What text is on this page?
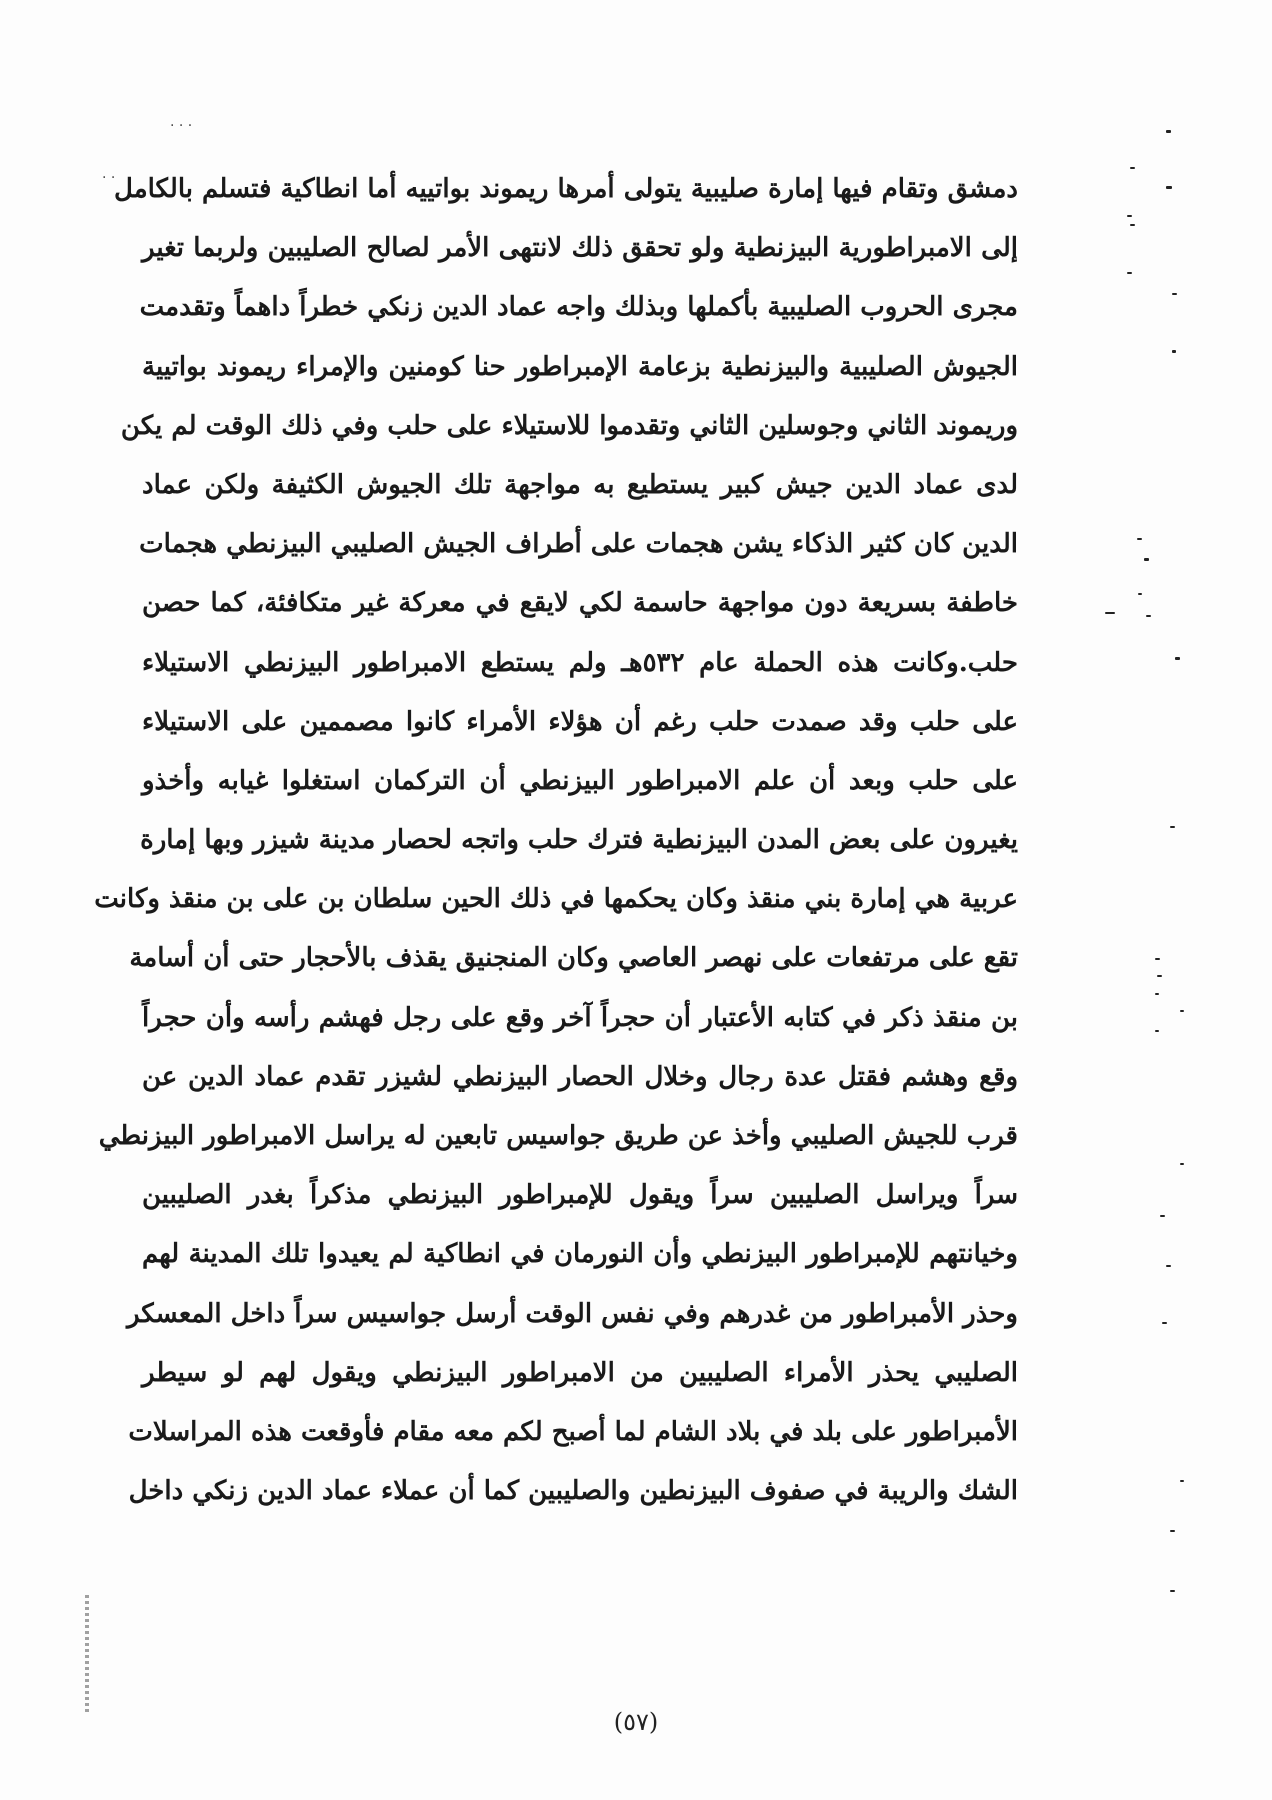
· · ·
· ·
دمشق وتقام فيها إمارة صليبية يتولى أمرها ريموند بواتييه أما انطاكية فتسلم بالكامل
إلى الامبراطورية البيزنطية ولو تحقق ذلك لانتهى الأمر لصالح الصليبين ولربما تغير
مجرى الحروب الصليبية بأكملها وبذلك واجه عماد الدين زنكي خطراً داهماً وتقدمت
الجيوش الصليبية والبيزنطية بزعامة الإمبراطور حنا كومنين والإمراء ريموند بواتيية
وريموند الثاني وجوسلين الثاني وتقدموا للاستيلاء على حلب وفي ذلك الوقت لم يكن
لدى عماد الدين جيش كبير يستطيع به مواجهة تلك الجيوش الكثيفة ولكن عماد
الدين كان كثير الذكاء يشن هجمات على أطراف الجيش الصليبي البيزنطي هجمات
خاطفة بسريعة دون مواجهة حاسمة لكي لايقع في معركة غير متكافئة، كما حصن
حلب.وكانت هذه الحملة عام ٥٣٢هـ ولم يستطع الامبراطور البيزنطي الاستيلاء
على حلب وقد صمدت حلب رغم أن هؤلاء الأمراء كانوا مصممين على الاستيلاء
على حلب وبعد أن علم الامبراطور البيزنطي أن التركمان استغلوا غيابه وأخذو
يغيرون على بعض المدن البيزنطية فترك حلب واتجه لحصار مدينة شيزر وبها إمارة
عربية هي إمارة بني منقذ وكان يحكمها في ذلك الحين سلطان بن على بن منقذ وكانت
تقع على مرتفعات على نهصر العاصي وكان المنجنيق يقذف بالأحجار حتى أن أسامة
بن منقذ ذكر في كتابه الأعتبار أن حجراً آخر وقع على رجل فهشم رأسه وأن حجراً
وقع وهشم فقتل عدة رجال وخلال الحصار البيزنطي لشيزر تقدم عماد الدين عن
قرب للجيش الصليبي وأخذ عن طريق جواسيس تابعين له يراسل الامبراطور البيزنطي
سراً ويراسل الصليبين سراً ويقول للإمبراطور البيزنطي مذكراً بغدر الصليبين
وخيانتهم للإمبراطور البيزنطي وأن النورمان في انطاكية لم يعيدوا تلك المدينة لهم
وحذر الأمبراطور من غدرهم وفي نفس الوقت أرسل جواسيس سراً داخل المعسكر
الصليبي يحذر الأمراء الصليبين من الامبراطور البيزنطي ويقول لهم لو سيطر
الأمبراطور على بلد في بلاد الشام لما أصبح لكم معه مقام فأوقعت هذه المراسلات
الشك والريبة في صفوف البيزنطين والصليبين كما أن عملاء عماد الدين زنكي داخل
(٥٧)
